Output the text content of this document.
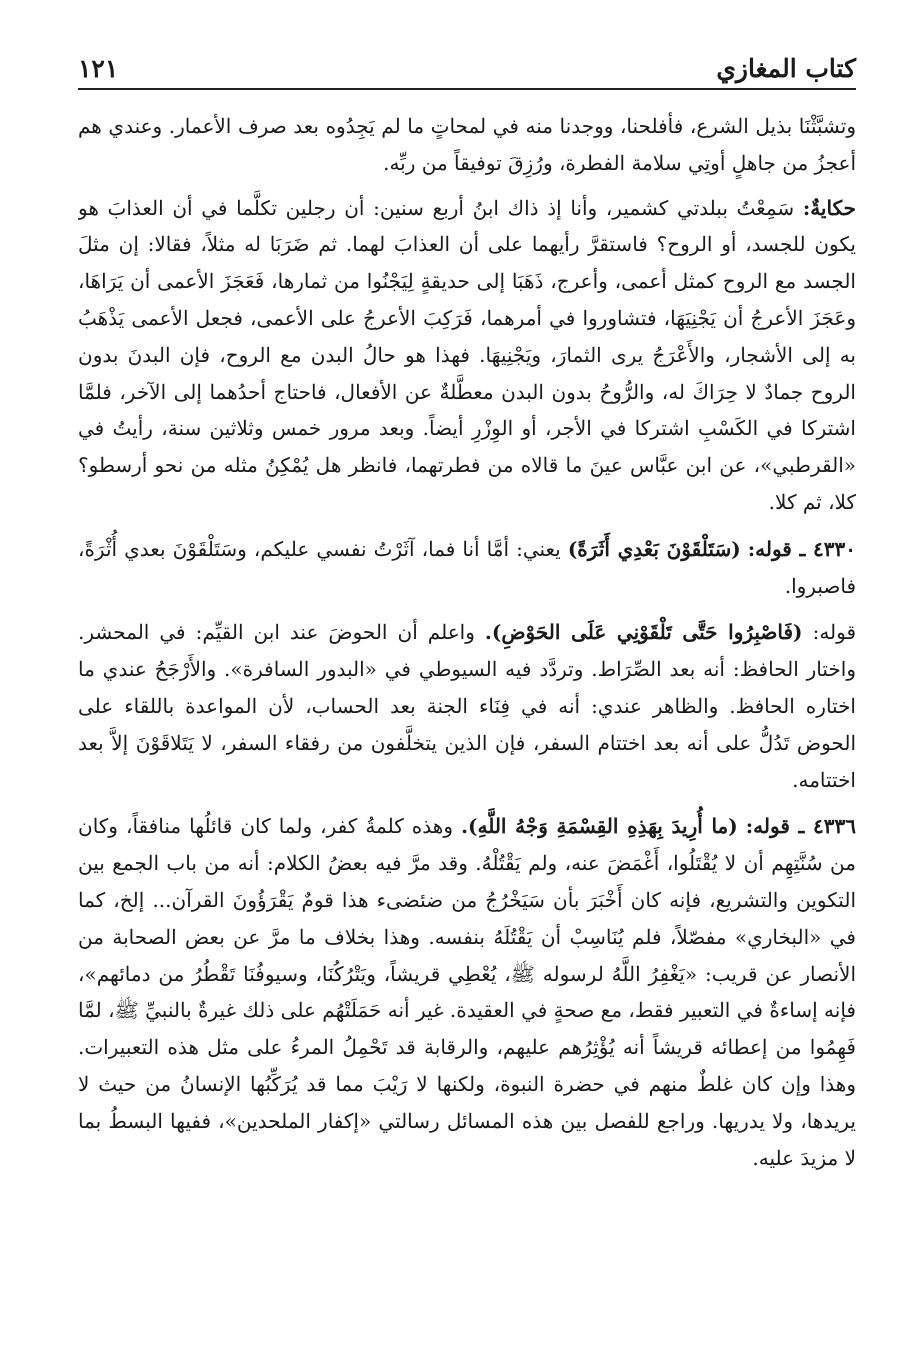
كتاب المغازي
١٢١

وتشبَّثْنَا بذيل الشرع، فأفلحنا، ووجدنا منه في لمحاتٍ ما لم يَجِدُوه بعد صرف الأعمار. وعندي هم أعجزُ من جاهلٍ أوتِي سلامة الفطرة، ورُزِقَ توفيقاً من ربِّه.

حكايةٌ: سَمِعْتُ ببلدتي كشمير، وأنا إذ ذاك ابنُ أربع سنين: أن رجلين تكلَّما في أن العذابَ هو يكون للجسد، أو الروح؟ فاستقرَّ رأيهما على أن العذابَ لهما. ثم ضَرَبَا له مثلاً، فقالا: إن مثلَ الجسد مع الروح كمثل أعمى، وأعرج، ذَهَبَا إلى حديقةٍ لِيَجْنُوا من ثمارها، فَعَجَزَ الأعمى أن يَرَاهَا، وعَجَزَ الأعرجُ أن يَجْنِيَهَا، فتشاوروا في أمرهما، فَرَكِبَ الأعرجُ على الأعمى، فجعل الأعمى يَذْهَبُ به إلى الأشجار، والأَعْرَجُ يرى الثمارَ، ويَجْنِيهَا. فهذا هو حالُ البدن مع الروح، فإن البدنَ بدون الروح جمادٌ لا حِرَاكَ له، والرُّوحُ بدون البدن معطَّلةٌ عن الأفعال، فاحتاج أحدُهما إلى الآخر، فلمَّا اشتركا في الكَسْبِ اشتركا في الأجر، أو الوِزْرِ أيضاً. وبعد مرور خمس وثلاثين سنة، رأيتُ في «القرطبي»، عن ابن عبَّاس عينَ ما قالاه من فطرتهما، فانظر هل يُمْكِنُ مثله من نحو أرسطو؟ كلا، ثم كلا.

٤٣٣٠ ـ قوله: (سَتَلْقَوْنَ بَعْدِي أَثَرَةً) يعني: أمَّا أنا فما، آثَرْتُ نفسي عليكم، وسَتَلْقَوْنَ بعدي أُثْرَةً، فاصبروا.

قوله: (فَاصْبِرُوا حَتَّى تَلْقَوْنِي عَلَى الحَوْضِ). واعلم أن الحوضَ عند ابن القيِّم: في المحشر. واختار الحافظ: أنه بعد الصِّرَاط. وتردَّد فيه السيوطي في «البدور السافرة». والأَرْجَحُ عندي ما اختاره الحافظ. والظاهر عندي: أنه في فِنَاء الجنة بعد الحساب، لأن المواعدة باللقاء على الحوض تَدُلُّ على أنه بعد اختتام السفر، فإن الذين يتخلَّفون من رفقاء السفر، لا يَتَلاقَوْنَ إلاَّ بعد اختتامه.

٤٣٣٦ ـ قوله: (ما أُرِيدَ بِهَذِهِ القِسْمَةِ وَجْهُ اللَّهِ). وهذه كلمةُ كفر، ولما كان قائلُها منافقاً، وكان من سُنَّتِهِم أن لا يُقْتَلُوا، أَغْمَضَ عنه، ولم يَقْتُلْهُ. وقد مرَّ فيه بعضُ الكلام: أنه من باب الجمع بين التكوين والتشريع، فإنه كان أَخْبَرَ بأن سَيَخْرُجُ من ضئضىء هذا قومٌ يَقْرَؤُونَ القرآن... إلخ، كما في «البخاري» مفصّلاً، فلم يُنَاسِبْ أن يَقْتُلَهُ بنفسه. وهذا بخلاف ما مرَّ عن بعض الصحابة من الأنصار عن قريب: «يَغْفِرُ اللَّهُ لرسوله ﷺ، يُعْطِي قريشاً، ويَتْرُكُنَا، وسيوفُنَا تَقْطُرُ من دمائهم»، فإنه إساءةٌ في التعبير فقط، مع صحةٍ في العقيدة. غير أنه حَمَلَتْهُم على ذلك غيرةٌ بالنبيِّ ﷺ، لمَّا فَهِمُوا من إعطائه قريشاً أنه يُؤْثِرُهم عليهم، والرقابة قد تَحْمِلُ المرءُ على مثل هذه التعبيرات. وهذا وإن كان غلطٌ منهم في حضرة النبوة، ولكنها لا رَيْبَ مما قد يُرَكِّبُها الإنسانُ من حيث لا يريدها، ولا يدريها. وراجع للفصل بين هذه المسائل رسالتي «إكفار الملحدين»، ففيها البسطُ بما لا مزيدَ عليه.
